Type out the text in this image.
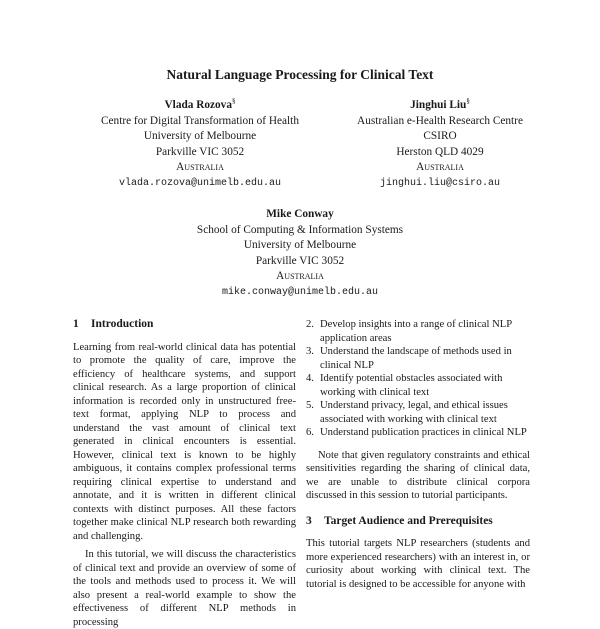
Natural Language Processing for Clinical Text
Vlada Rozova§
Centre for Digital Transformation of Health
University of Melbourne
Parkville VIC 3052
Australia
vlada.rozova@unimelb.edu.au
Jinghui Liu§
Australian e-Health Research Centre
CSIRO
Herston QLD 4029
Australia
jinghui.liu@csiro.au
Mike Conway
School of Computing & Information Systems
University of Melbourne
Parkville VIC 3052
Australia
mike.conway@unimelb.edu.au
1 Introduction

Learning from real-world clinical data has potential to promote the quality of care, improve the efficiency of healthcare systems, and support clinical research. As a large proportion of clinical information is recorded only in unstructured free-text format, applying NLP to process and understand the vast amount of clinical text generated in clinical encounters is essential. However, clinical text is known to be highly ambiguous, it contains complex professional terms requiring clinical expertise to understand and annotate, and it is written in different clinical contexts with distinct purposes. All these factors together make clinical NLP research both rewarding and challenging.

In this tutorial, we will discuss the characteristics of clinical text and provide an overview of some of the tools and methods used to process it. We will also present a real-world example to show the effectiveness of different NLP methods in processing

2. Develop insights into a range of clinical NLP application areas
3. Understand the landscape of methods used in clinical NLP
4. Identify potential obstacles associated with working with clinical text
5. Understand privacy, legal, and ethical issues associated with working with clinical text
6. Understand publication practices in clinical NLP

Note that given regulatory constraints and ethical sensitivities regarding the sharing of clinical data, we are unable to distribute clinical corpora discussed in this session to tutorial participants.

3 Target Audience and Prerequisites

This tutorial targets NLP researchers (students and more experienced researchers) with an interest in, or curiosity about working with clinical text. The tutorial is designed to be accessible for anyone with
